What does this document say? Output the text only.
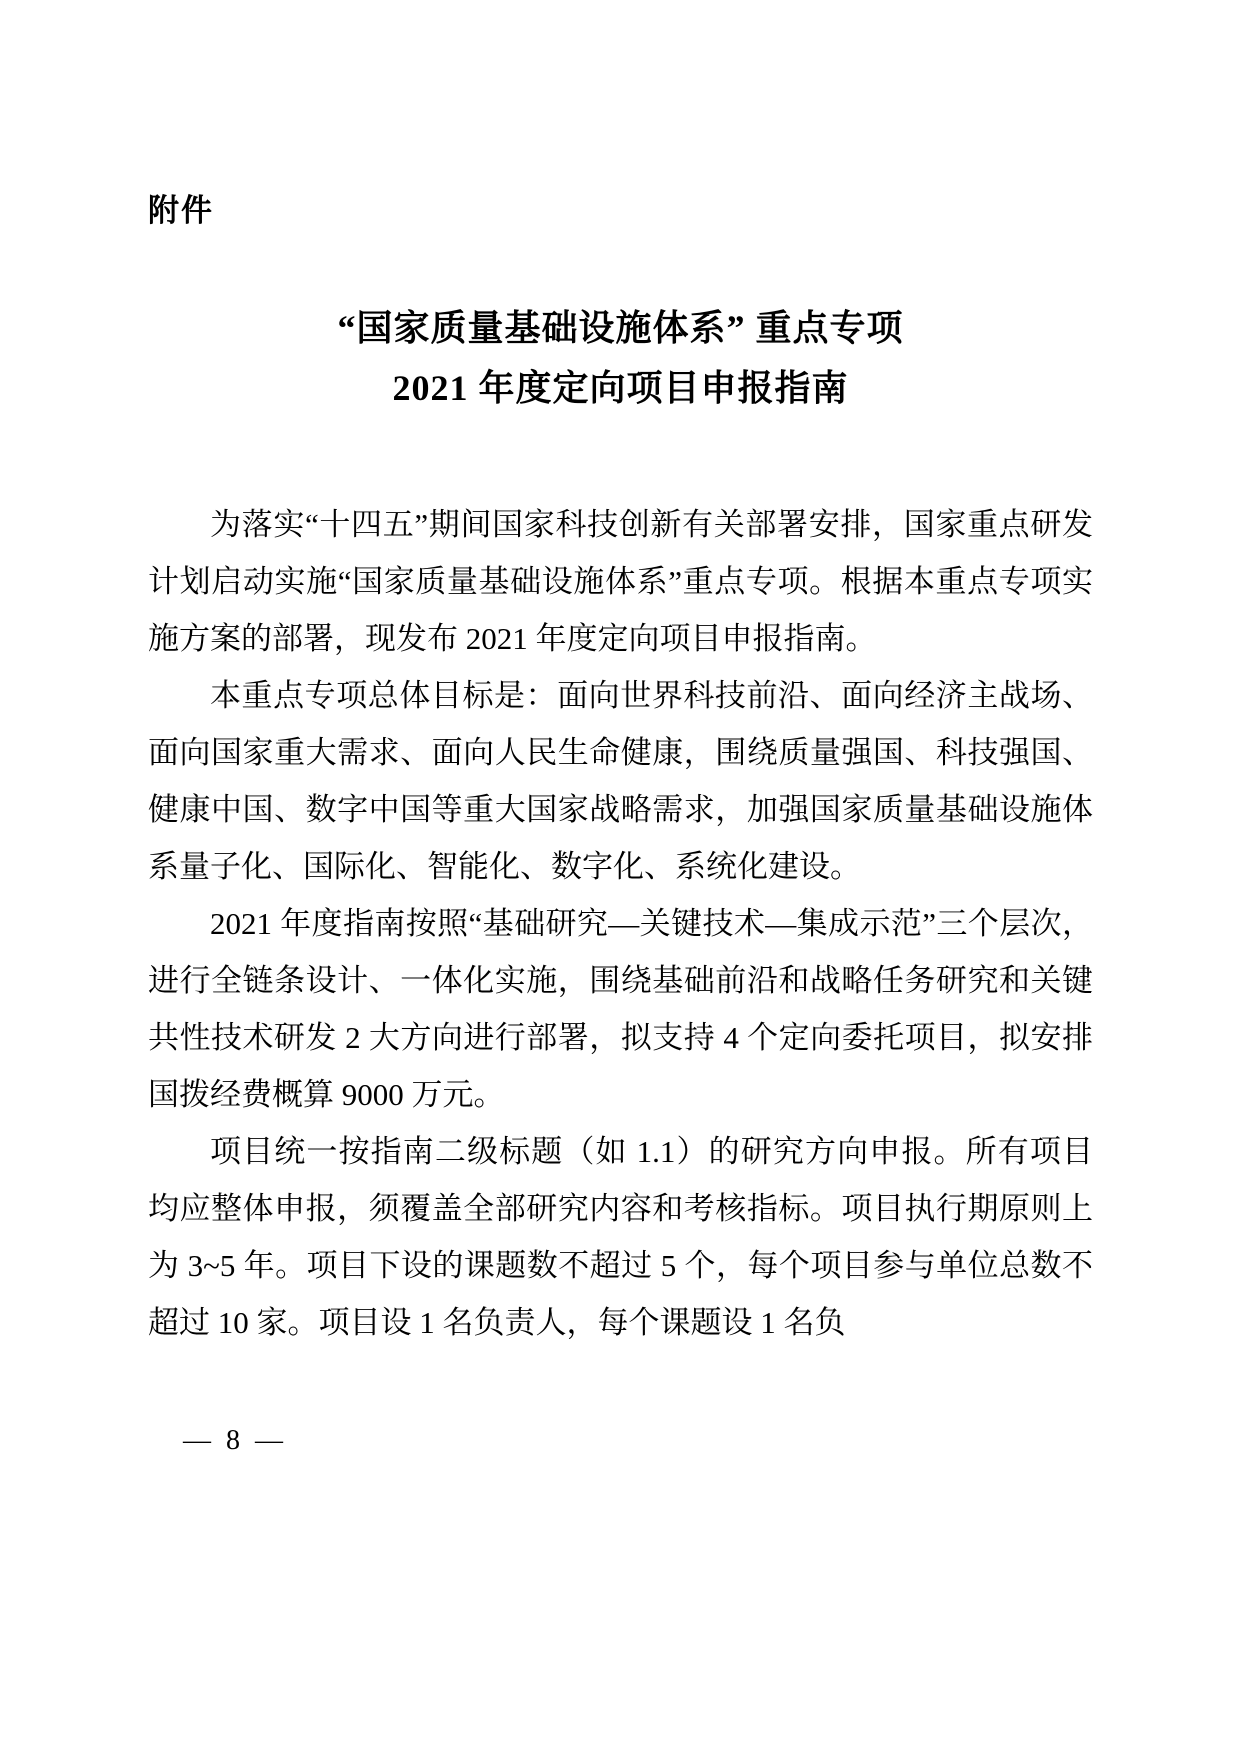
附件
“国家质量基础设施体系” 重点专项
2021 年度定向项目申报指南

为落实“十四五”期间国家科技创新有关部署安排，国家重点研发计划启动实施“国家质量基础设施体系”重点专项。根据本重点专项实施方案的部署，现发布 2021 年度定向项目申报指南。

本重点专项总体目标是：面向世界科技前沿、面向经济主战场、面向国家重大需求、面向人民生命健康，围绕质量强国、科技强国、健康中国、数字中国等重大国家战略需求，加强国家质量基础设施体系量子化、国际化、智能化、数字化、系统化建设。

2021 年度指南按照“基础研究—关键技术—集成示范”三个层次，进行全链条设计、一体化实施，围绕基础前沿和战略任务研究和关键共性技术研发 2 大方向进行部署，拟支持 4 个定向委托项目，拟安排国拨经费概算 9000 万元。

项目统一按指南二级标题（如 1.1）的研究方向申报。所有项目均应整体申报，须覆盖全部研究内容和考核指标。项目执行期原则上为 3~5 年。项目下设的课题数不超过 5 个，每个项目参与单位总数不超过 10 家。项目设 1 名负责人，每个课题设 1 名负

— 8 —
